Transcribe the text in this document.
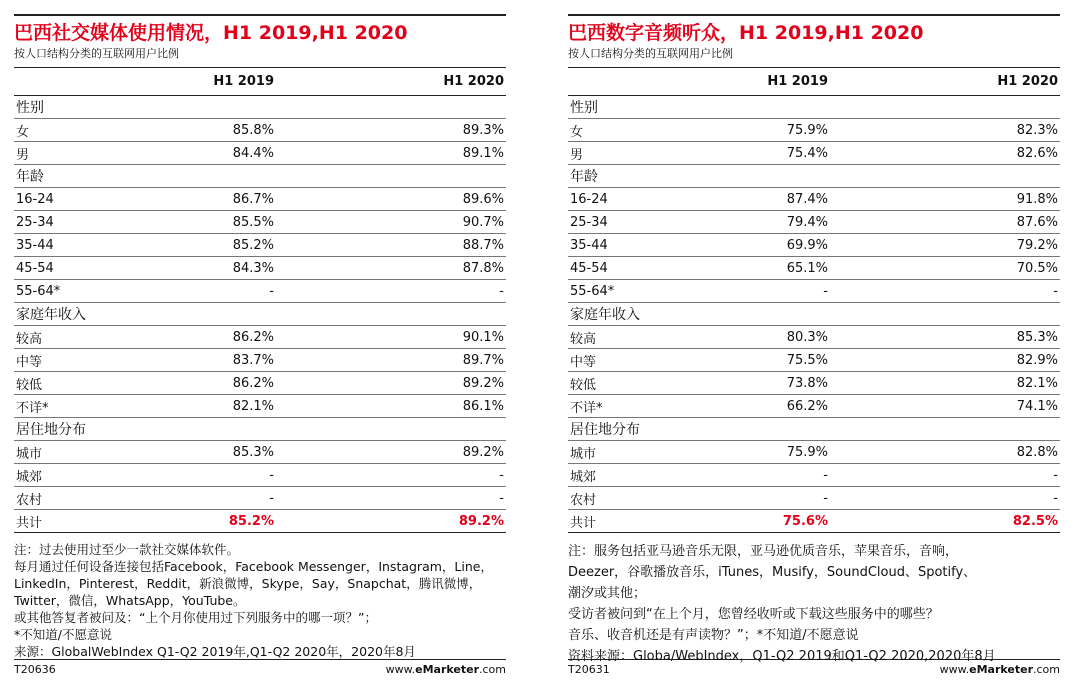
巴西社交媒体使用情况，H1 2019,H1 2020
按人口结构分类的互联网用户比例
	H1 2019	H1 2020
性别		
女	85.8%	89.3%
男	84.4%	89.1%
年龄		
16-24	86.7%	89.6%
25-34	85.5%	90.7%
35-44	85.2%	88.7%
45-54	84.3%	87.8%
55-64*	-	-
家庭年收入		
较高	86.2%	90.1%
中等	83.7%	89.7%
较低	86.2%	89.2%
不详*	82.1%	86.1%
居住地分布		
城市	85.3%	89.2%
城郊	-	-
农村	-	-
共计	85.2%	89.2%
注：过去使用过至少一款社交媒体软件。
每月通过任何设备连接包括Facebook，Facebook Messenger，Instagram，Line，
LinkedIn，Pinterest，Reddit，新浪微博，Skype，Say，Snapchat，腾讯微博，
Twitter，微信，WhatsApp，YouTube。
或其他答复者被问及：“上个月你使用过下列服务中的哪一项？”；
*不知道/不愿意说
来源：GlobalWebIndex Q1-Q2 2019年,Q1-Q2 2020年，2020年8月
T20636	www.eMarketer.com
巴西数字音频听众，H1 2019,H1 2020
按人口结构分类的互联网用户比例
	H1 2019	H1 2020
性别		
女	75.9%	82.3%
男	75.4%	82.6%
年龄		
16-24	87.4%	91.8%
25-34	79.4%	87.6%
35-44	69.9%	79.2%
45-54	65.1%	70.5%
55-64*	-	-
家庭年收入		
较高	80.3%	85.3%
中等	75.5%	82.9%
较低	73.8%	82.1%
不详*	66.2%	74.1%
居住地分布		
城市	75.9%	82.8%
城郊	-	-
农村	-	-
共计	75.6%	82.5%
注：服务包括亚马逊音乐无限，亚马逊优质音乐，苹果音乐，音响，
Deezer，谷歌播放音乐，iTunes，Musify，SoundCloud、Spotify、
潮汐或其他；
受访者被问到“在上个月，您曾经收听或下载这些服务中的哪些？
音乐、收音机还是有声读物？”；*不知道/不愿意说
资料来源：Globa/WebIndex，Q1-Q2 2019和Q1-Q2 2020,2020年8月
T20631	www.eMarketer.com
